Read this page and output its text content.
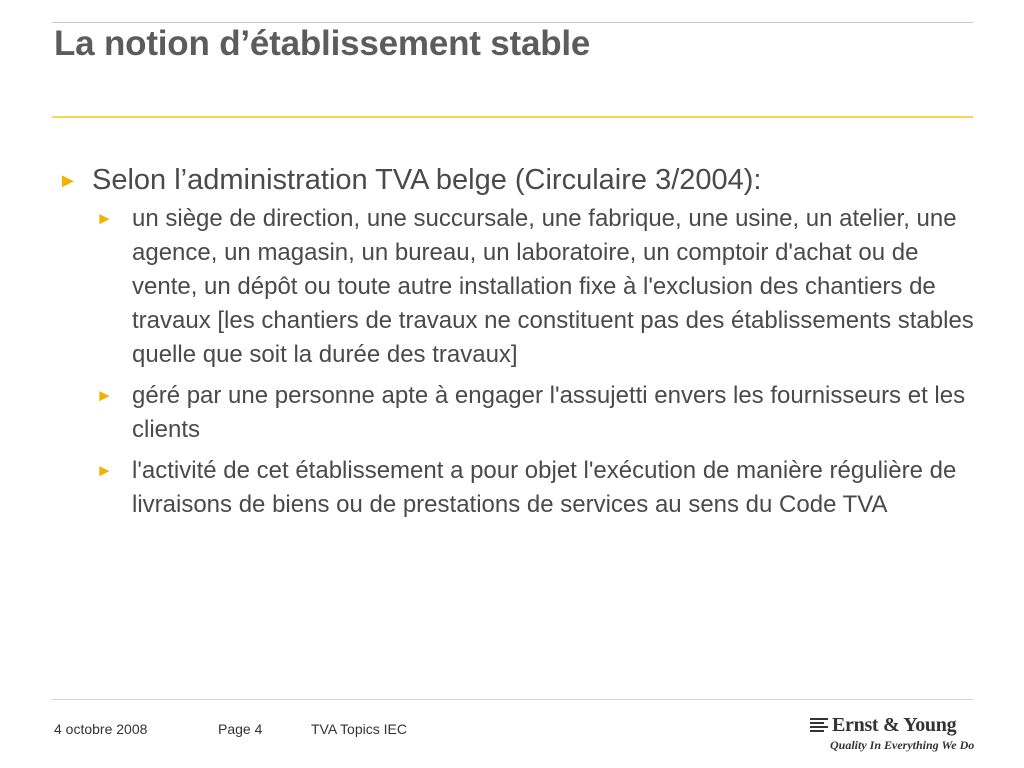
La notion d’établissement stable
► Selon l’administration TVA belge (Circulaire 3/2004):
► un siège de direction, une succursale, une fabrique, une usine, un atelier, une agence, un magasin, un bureau, un laboratoire, un comptoir d'achat ou de vente, un dépôt ou toute autre installation fixe à l'exclusion des chantiers de travaux [les chantiers de travaux ne constituent pas des établissements stables quelle que soit la durée des travaux]
► géré par une personne apte à engager l'assujetti envers les fournisseurs et les clients
► l'activité de cet établissement a pour objet l'exécution de manière régulière de livraisons de biens ou de prestations de services au sens du Code TVA
4 octobre 2008	Page 4	TVA Topics IEC	Ernst & Young
Quality In Everything We Do
